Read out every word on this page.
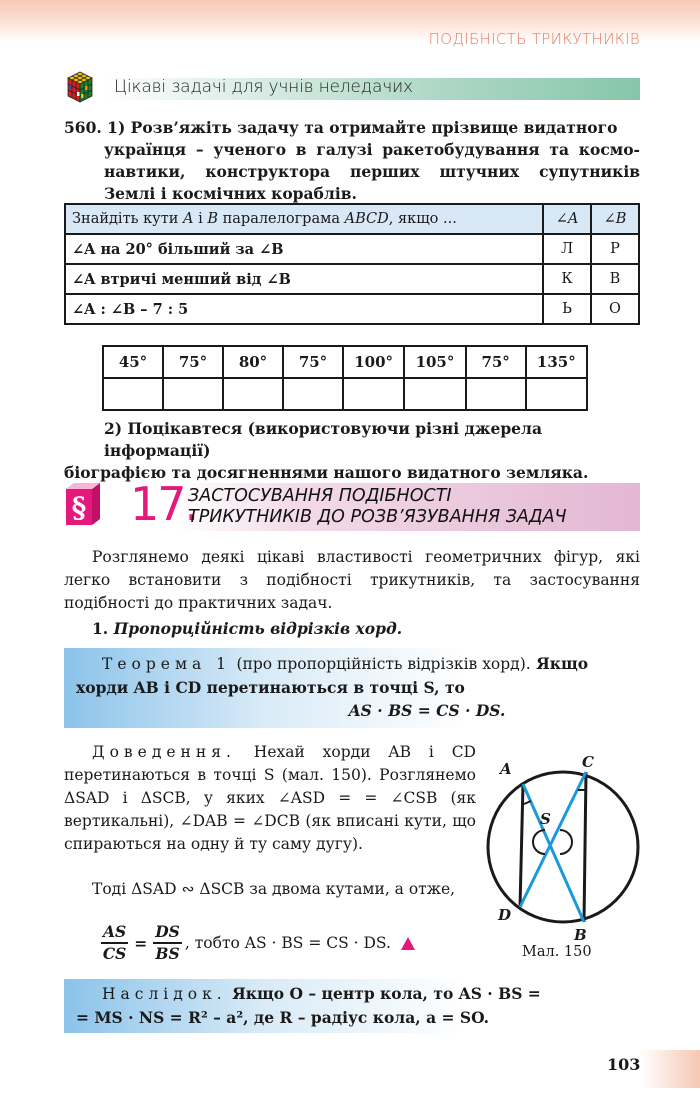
ПОДІБНІСТЬ ТРИКУТНИКІВ
Цікаві задачі для учнів неледачих
560. 1) Розв’яжіть задачу та отримайте прізвище видатного
українця – ученого в галузі ракетобудування та космо-
навтики, конструктора перших штучних супутників
Землі і космічних кораблів.
Знайдіть кути A і B паралелограма ABCD, якщо ...	∠A	∠B
∠A на 20° більший за ∠B	Л	Р
∠A втричі менший від ∠B	К	В
∠A : ∠B – 7 : 5	Ь	О
45°	75°	80°	75°	100°	105°	75°	135°

2) Поцікавтеся (використовуючи різні джерела інформації)
біографією та досягненнями нашого видатного земляка.
§ 17.
ЗАСТОСУВАННЯ ПОДІБНОСТІ
ТРИКУТНИКІВ ДО РОЗВ’ЯЗУВАННЯ ЗАДАЧ
Розглянемо деякі цікаві властивості геометричних фігур, які легко встановити з подібності трикутників, та застосування подібності до практичних задач.
1. Пропорційність відрізків хорд.
Теорема 1 (про пропорційність відрізків хорд). Якщо хорди AB і CD перетинаються в точці S, то
AS · BS = CS · DS.
Доведення. Нехай хорди AB і CD перетинаються в точці S (мал. 150). Розглянемо ΔSAD і ΔSCB, у яких ∠ASD = = ∠CSB (як вертикальні), ∠DAB = ∠DCB (як вписані кути, що спираються на одну й ту саму дугу).
Тоді ΔSAD ∾ ΔSCB за двома кутами, а отже,
$\frac{AS}{CS} = \frac{DS}{BS}$ , тобто AS · BS = CS · DS.
A	C
S
D
B
Мал. 150
Наслідок. Якщо O – центр кола, то AS · BS =
= MS · NS = R² – a², де R – радіус кола, a = SO.
103
